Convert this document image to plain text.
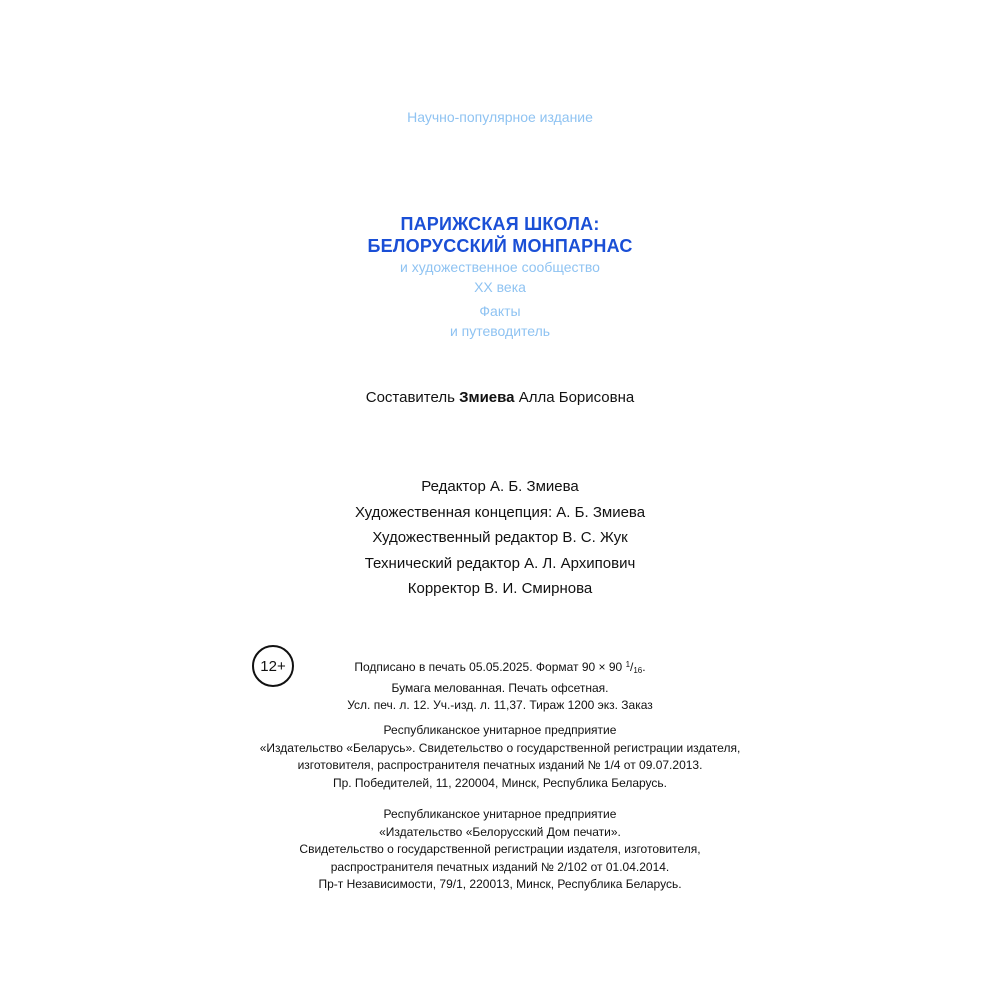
Научно-популярное издание
ПАРИЖСКАЯ ШКОЛА:
БЕЛОРУССКИЙ МОНПАРНАС
и художественное сообщество
XX века
Факты
и путеводитель
Составитель Змиева Алла Борисовна
Редактор А. Б. Змиева
Художественная концепция: А. Б. Змиева
Художественный редактор В. С. Жук
Технический редактор А. Л. Архипович
Корректор В. И. Смирнова
12+	Подписано в печать 05.05.2025. Формат 90 × 90 $^1/_{16}$.
Бумага мелованная. Печать офсетная.
Усл. печ. л. 12. Уч.-изд. л. 11,37. Тираж 1200 экз. Заказ
Республиканское унитарное предприятие
«Издательство «Беларусь». Свидетельство о государственной регистрации издателя,
изготовителя, распространителя печатных изданий № 1/4 от 09.07.2013.
Пр. Победителей, 11, 220004, Минск, Республика Беларусь.
Республиканское унитарное предприятие
«Издательство «Белорусский Дом печати».
Свидетельство о государственной регистрации издателя, изготовителя,
распространителя печатных изданий № 2/102 от 01.04.2014.
Пр-т Независимости, 79/1, 220013, Минск, Республика Беларусь.
